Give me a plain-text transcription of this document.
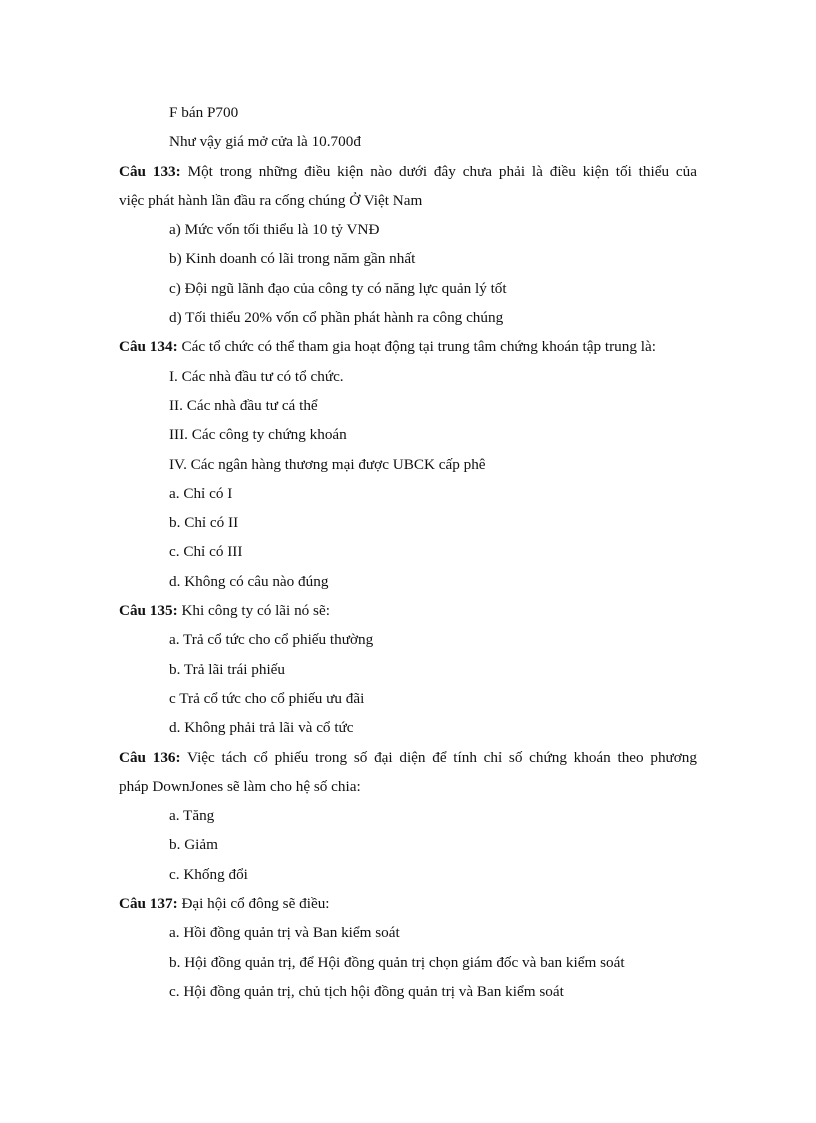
F bán P700
Như vậy giá mở cửa là 10.700đ
Câu 133: Một trong những điều kiện nào dưới đây chưa phải là điều kiện tối thiểu của
việc phát hành lần đầu ra cống chúng Ở Việt Nam
a) Mức vốn tối thiểu là 10 tỷ VNĐ
b) Kinh doanh có lãi trong năm gần nhất
c) Đội ngũ lãnh đạo của công ty có năng lực quản lý tốt
d) Tối thiểu 20% vốn cổ phần phát hành ra công chúng
Câu 134: Các tổ chức có thể tham gia hoạt động tại trung tâm chứng khoán tập trung là:
I. Các nhà đầu tư có tổ chức.
II. Các nhà đầu tư cá thể
III. Các công ty chứng khoán
IV. Các ngân hàng thương mại được UBCK cấp phê
a. Chỉ có I
b. Chỉ có II
c. Chỉ có III
d. Không có câu nào đúng
Câu 135: Khi công ty có lãi nó sẽ:
a. Trả cổ tức cho cổ phiếu thường
b. Trả lãi trái phiếu
c Trả cổ tức cho cổ phiếu ưu đãi
d. Không phải trả lãi và cổ tức
Câu 136: Việc tách cổ phiếu trong số đại diện để tính chỉ số chứng khoán theo phương
pháp DownJones sẽ làm cho hệ số chia:
a. Tăng
b. Giảm
c. Khống đổi
Câu 137: Đại hội cổ đông sẽ điều:
a. Hồi đồng quản trị và Ban kiểm soát
b. Hội đồng quản trị, để Hội đồng quản trị chọn giám đốc và ban kiểm soát
c. Hội đồng quản trị, chủ tịch hội đồng quản trị và Ban kiểm soát
